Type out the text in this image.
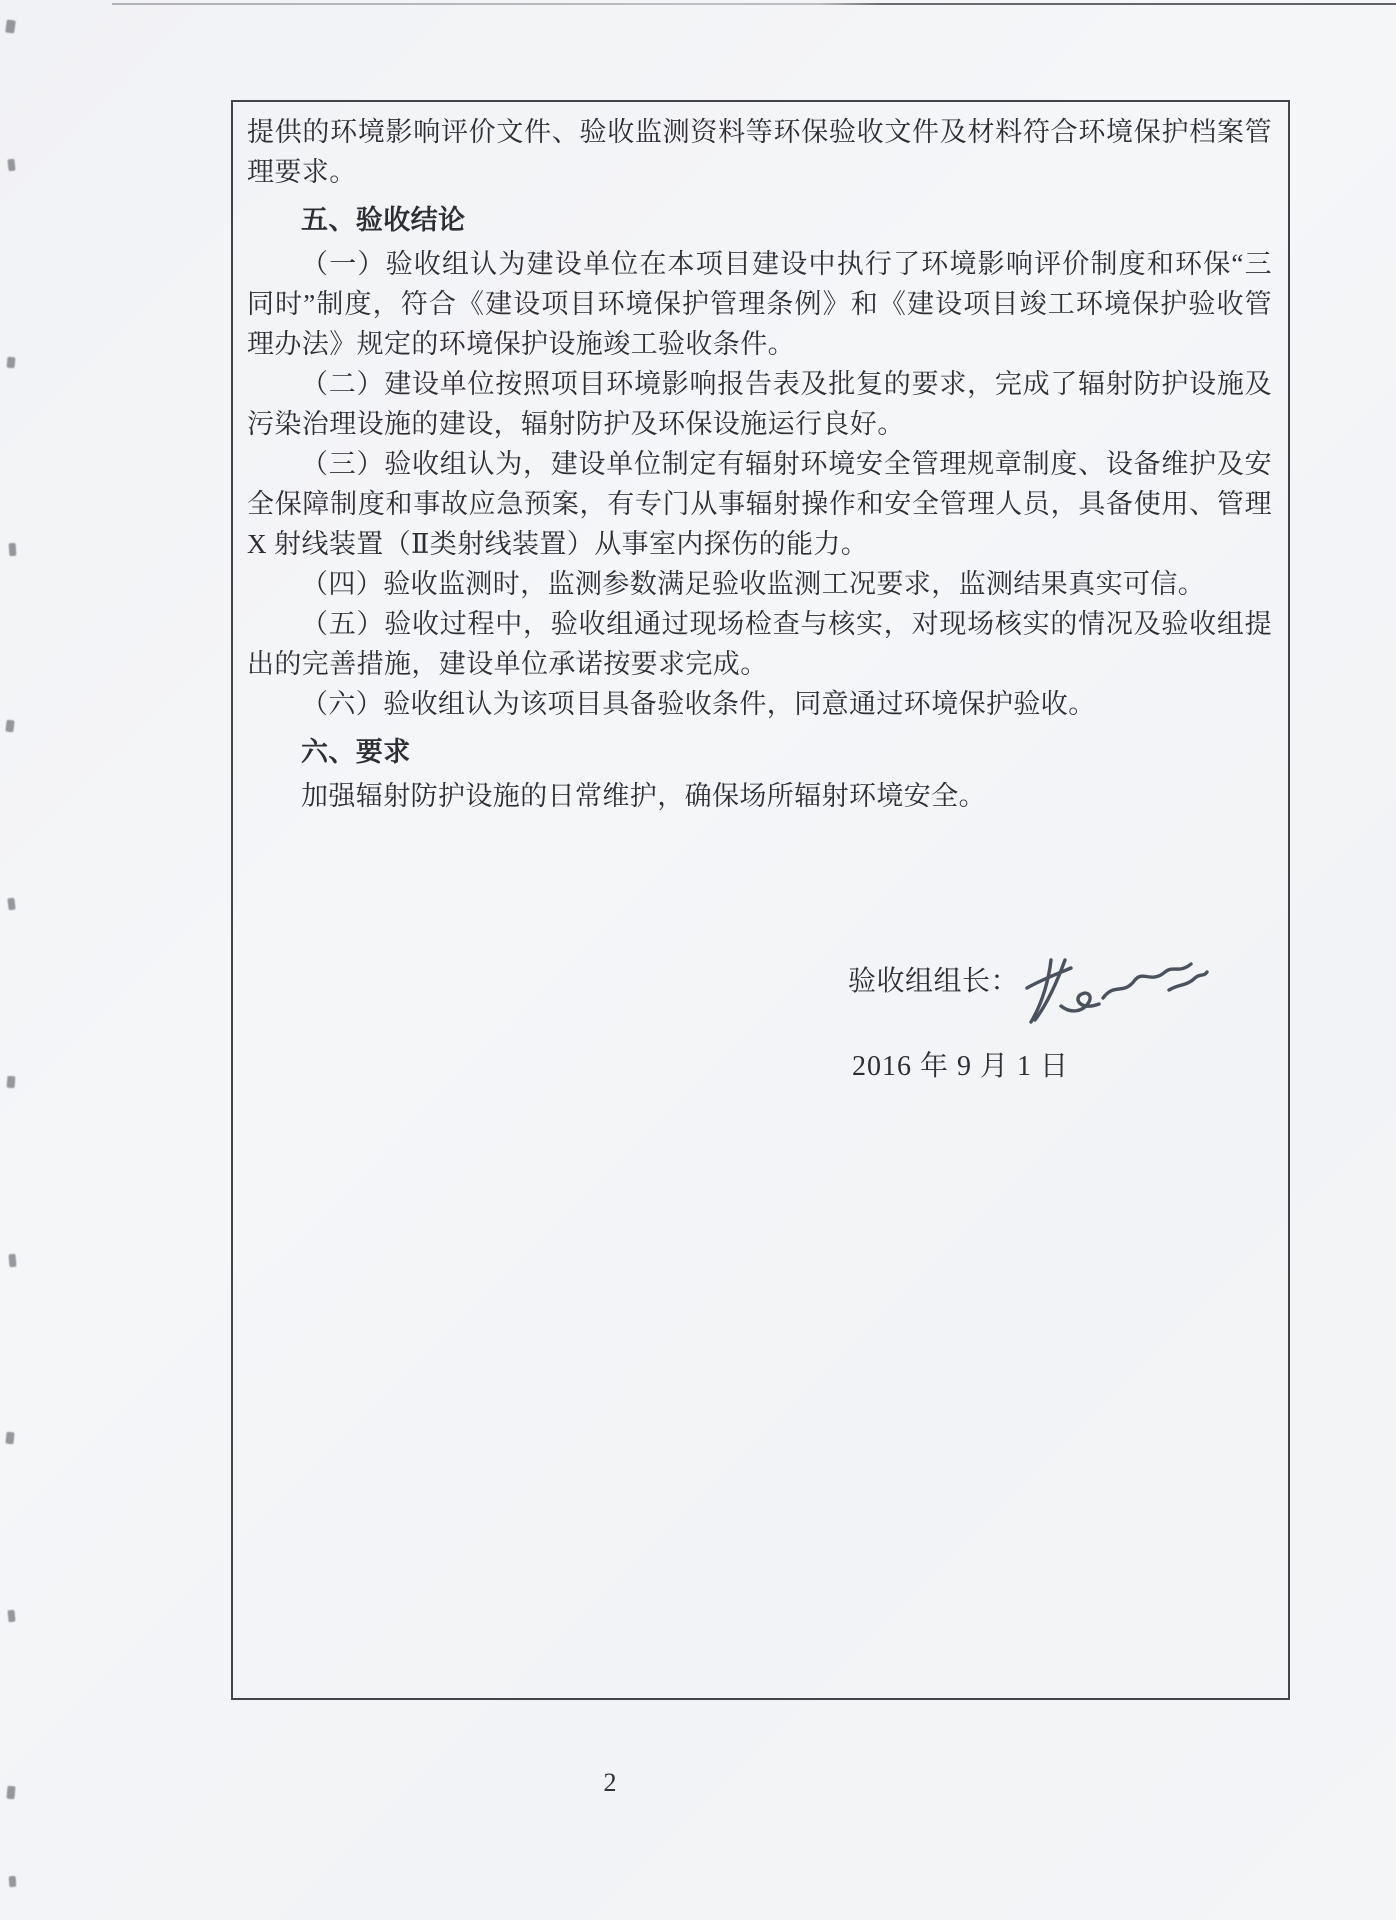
提供的环境影响评价文件、验收监测资料等环保验收文件及材料符合环境保护档案管理要求。

五、验收结论

（一）验收组认为建设单位在本项目建设中执行了环境影响评价制度和环保“三同时”制度，符合《建设项目环境保护管理条例》和《建设项目竣工环境保护验收管理办法》规定的环境保护设施竣工验收条件。

（二）建设单位按照项目环境影响报告表及批复的要求，完成了辐射防护设施及污染治理设施的建设，辐射防护及环保设施运行良好。

（三）验收组认为，建设单位制定有辐射环境安全管理规章制度、设备维护及安全保障制度和事故应急预案，有专门从事辐射操作和安全管理人员，具备使用、管理 X 射线装置（Ⅱ类射线装置）从事室内探伤的能力。

（四）验收监测时，监测参数满足验收监测工况要求，监测结果真实可信。

（五）验收过程中，验收组通过现场检查与核实，对现场核实的情况及验收组提出的完善措施，建设单位承诺按要求完成。

（六）验收组认为该项目具备验收条件，同意通过环境保护验收。

六、要求

加强辐射防护设施的日常维护，确保场所辐射环境安全。

验收组组长：
2016 年 9 月 1 日
2
